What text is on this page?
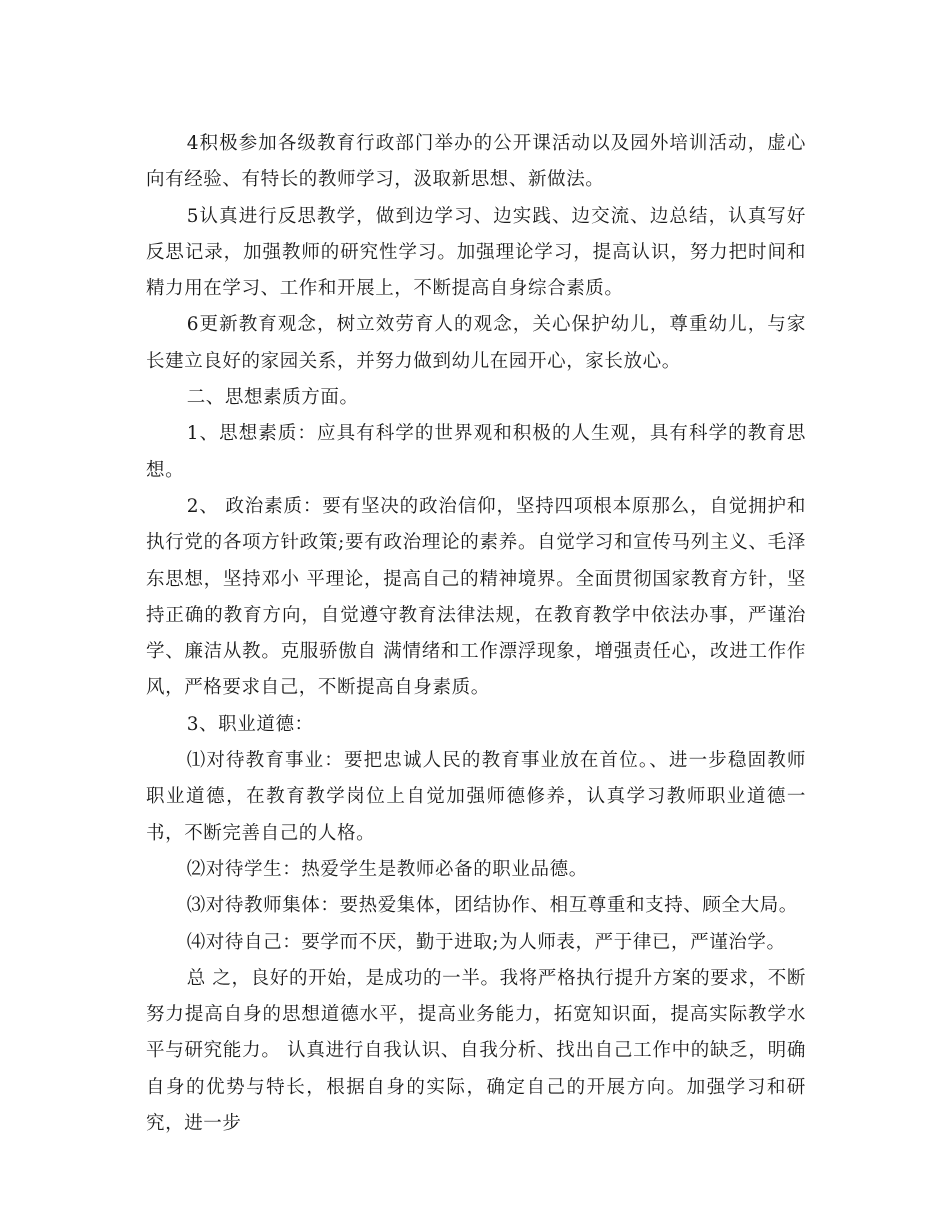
4积极参加各级教育行政部门举办的公开课活动以及园外培训活动，虚心向有经验、有特长的教师学习，汲取新思想、新做法。

5认真进行反思教学，做到边学习、边实践、边交流、边总结，认真写好反思记录，加强教师的研究性学习。加强理论学习，提高认识，努力把时间和精力用在学习、工作和开展上，不断提高自身综合素质。

6更新教育观念，树立效劳育人的观念，关心保护幼儿，尊重幼儿，与家长建立良好的家园关系，并努力做到幼儿在园开心，家长放心。

二、思想素质方面。

1、思想素质：应具有科学的世界观和积极的人生观，具有科学的教育思想。

2、 政治素质：要有坚决的政治信仰，坚持四项根本原那么，自觉拥护和执行党的各项方针政策;要有政治理论的素养。自觉学习和宣传马列主义、毛泽东思想，坚持邓小 平理论，提高自己的精神境界。全面贯彻国家教育方针，坚持正确的教育方向，自觉遵守教育法律法规，在教育教学中依法办事，严谨治学、廉洁从教。克服骄傲自 满情绪和工作漂浮现象，增强责任心，改进工作作风，严格要求自己，不断提高自身素质。

3、职业道德：

⑴对待教育事业：要把忠诚人民的教育事业放在首位。、进一步稳固教师职业道德，在教育教学岗位上自觉加强师德修养，认真学习教师职业道德一书，不断完善自己的人格。

⑵对待学生：热爱学生是教师必备的职业品德。

⑶对待教师集体：要热爱集体，团结协作、相互尊重和支持、顾全大局。

⑷对待自己：要学而不厌，勤于进取;为人师表，严于律已，严谨治学。

总 之，良好的开始，是成功的一半。我将严格执行提升方案的要求，不断努力提高自身的思想道德水平，提高业务能力，拓宽知识面，提高实际教学水平与研究能力。 认真进行自我认识、自我分析、找出自己工作中的缺乏，明确自身的优势与特长，根据自身的实际，确定自己的开展方向。加强学习和研究，进一步
